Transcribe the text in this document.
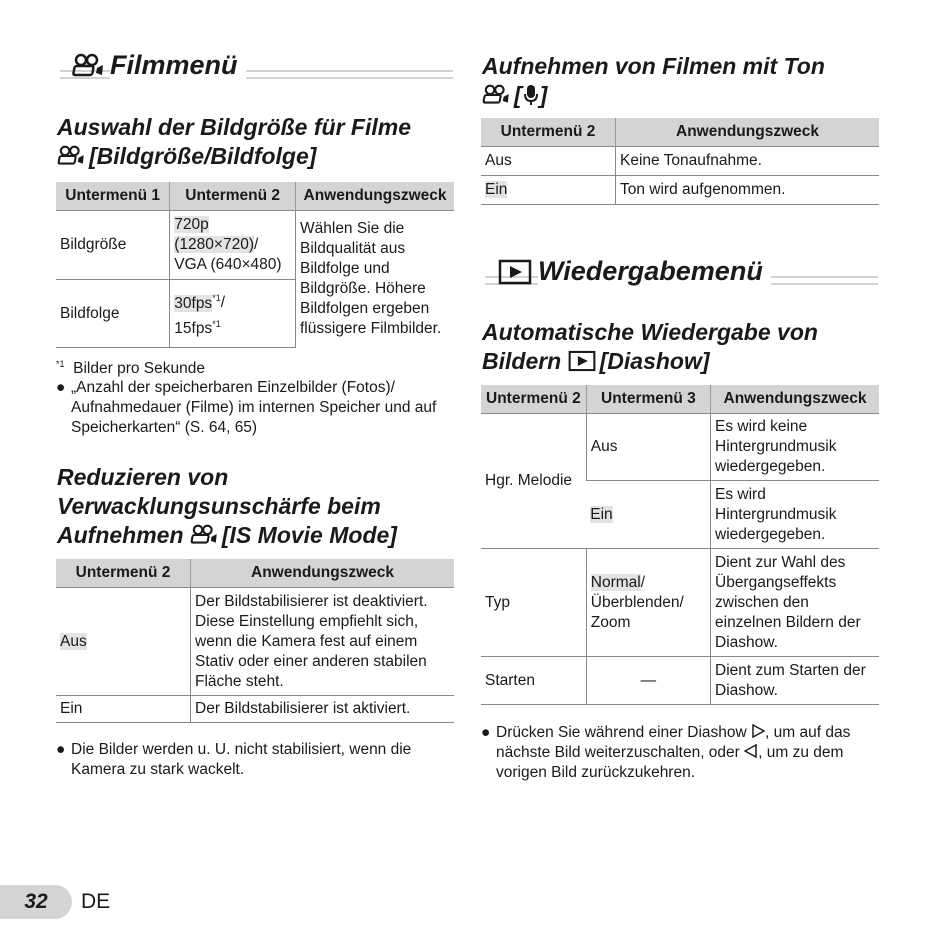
Filmmenü
Auswahl der Bildgröße für Filme
[Bildgröße/Bildfolge]
Untermenü 1	Untermenü 2	Anwendungszweck
Bildgröße	720p
(1280×720)/
VGA (640×480)	Wählen Sie die Bildqualität aus Bildfolge und Bildgröße. Höhere Bildfolgen ergeben flüssigere Filmbilder.
Bildfolge	30fps$^{*1}$/
15fps$^{*1}$
$^{*1}$ Bilder pro Sekunde
● „Anzahl der speicherbaren Einzelbilder (Fotos)/ Aufnahmedauer (Filme) im internen Speicher und auf Speicherkarten“ (S. 64, 65)
Reduzieren von
Verwacklungsunschärfe beim
Aufnehmen [IS Movie Mode]
Untermenü 2	Anwendungszweck
Aus	Der Bildstabilisierer ist deaktiviert. Diese Einstellung empfiehlt sich, wenn die Kamera fest auf einem Stativ oder einer anderen stabilen Fläche steht.
Ein	Der Bildstabilisierer ist aktiviert.
● Die Bilder werden u. U. nicht stabilisiert, wenn die Kamera zu stark wackelt.
Aufnehmen von Filmen mit Ton
[ ]
Untermenü 2	Anwendungszweck
Aus	Keine Tonaufnahme.
Ein	Ton wird aufgenommen.
Wiedergabemenü
Automatische Wiedergabe von
Bildern [Diashow]
Untermenü 2	Untermenü 3	Anwendungszweck
Hgr. Melodie	Aus	Es wird keine Hintergrundmusik wiedergegeben.
	Ein	Es wird Hintergrundmusik wiedergegeben.
Typ	Normal/ Überblenden/ Zoom	Dient zur Wahl des Übergangseffekts zwischen den einzelnen Bildern der Diashow.
Starten	—	Dient zum Starten der Diashow.
● Drücken Sie während einer Diashow , um auf das nächste Bild weiterzuschalten, oder , um zu dem vorigen Bild zurückzukehren.
32	DE
